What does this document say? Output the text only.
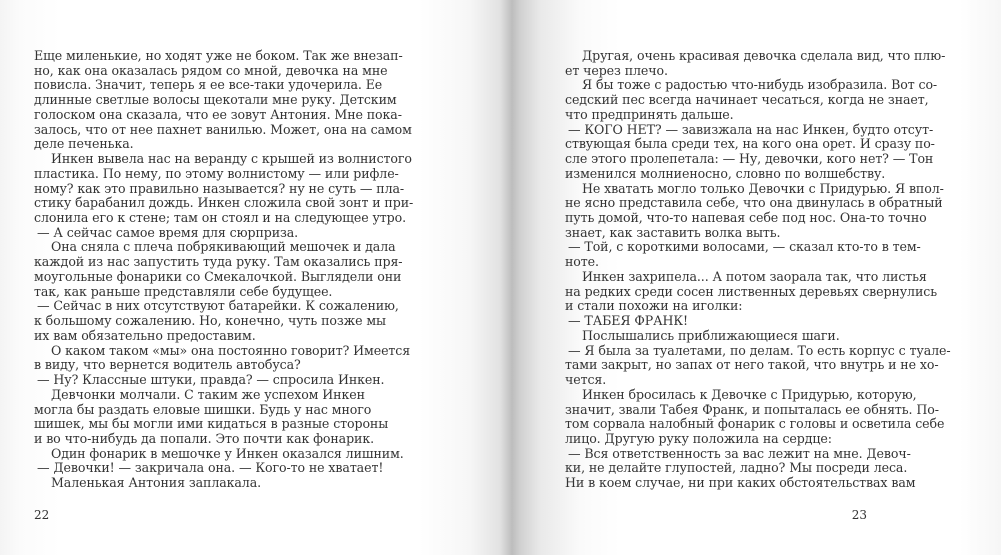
22
Еще миленькие, но ходят уже не боком. Так же внезап-
но, как она оказалась рядом со мной, девочка на мне
повисла. Значит, теперь я ее все-таки удочерила. Ее
длинные светлые волосы щекотали мне руку. Детским
голоском она сказала, что ее зовут Антония. Мне пока-
залось, что от нее пахнет ванилью. Может, она на самом
деле печенька.
Инкен вывела нас на веранду с крышей из волнистого
пластика. По нему, по этому волнистому — или рифле-
ному? как это правильно называется? ну не суть — пла-
стику барабанил дождь. Инкен сложила свой зонт и при-
слонила его к стене; там он стоял и на следующее утро.
— А сейчас самое время для сюрприза.
Она сняла с плеча побрякивающий мешочек и дала
каждой из нас запустить туда руку. Там оказались пря-
моугольные фонарики со Смекалочкой. Выглядели они
так, как раньше представляли себе будущее.
— Сейчас в них отсутствуют батарейки. К сожалению,
к большому сожалению. Но, конечно, чуть позже мы
их вам обязательно предоставим.
О каком таком «мы» она постоянно говорит? Имеется
в виду, что вернется водитель автобуса?
— Ну? Классные штуки, правда? — спросила Инкен.
Девчонки молчали. С таким же успехом Инкен
могла бы раздать еловые шишки. Будь у нас много
шишек, мы бы могли ими кидаться в разные стороны
и во что-нибудь да попали. Это почти как фонарик.
Один фонарик в мешочке у Инкен оказался лишним.
— Девочки! — закричала она. — Кого-то не хватает!
Маленькая Антония заплакала.
23
Другая, очень красивая девочка сделала вид, что плю-
ет через плечо.
Я бы тоже с радостью что-нибудь изобразила. Вот со-
седский пес всегда начинает чесаться, когда не знает,
что предпринять дальше.
— КОГО НЕТ? — завизжала на нас Инкен, будто отсут-
ствующая была среди тех, на кого она орет. И сразу по-
сле этого пролепетала: — Ну, девочки, кого нет? — Тон
изменился молниеносно, словно по волшебству.
Не хватать могло только Девочки с Придурью. Я впол-
не ясно представила себе, что она двинулась в обратный
путь домой, что-то напевая себе под нос. Она-то точно
знает, как заставить волка выть.
— Той, с короткими волосами, — сказал кто-то в тем-
ноте.
Инкен захрипела... А потом заорала так, что листья
на редких среди сосен лиственных деревьях свернулись
и стали похожи на иголки:
— ТАБЕЯ ФРАНК!
Послышались приближающиеся шаги.
— Я была за туалетами, по делам. То есть корпус с туале-
тами закрыт, но запах от него такой, что внутрь и не хо-
чется.
Инкен бросилась к Девочке с Придурью, которую,
значит, звали Табея Франк, и попыталась ее обнять. По-
том сорвала налобный фонарик с головы и осветила себе
лицо. Другую руку положила на сердце:
— Вся ответственность за вас лежит на мне. Девоч-
ки, не делайте глупостей, ладно? Мы посреди леса.
Ни в коем случае, ни при каких обстоятельствах вам
